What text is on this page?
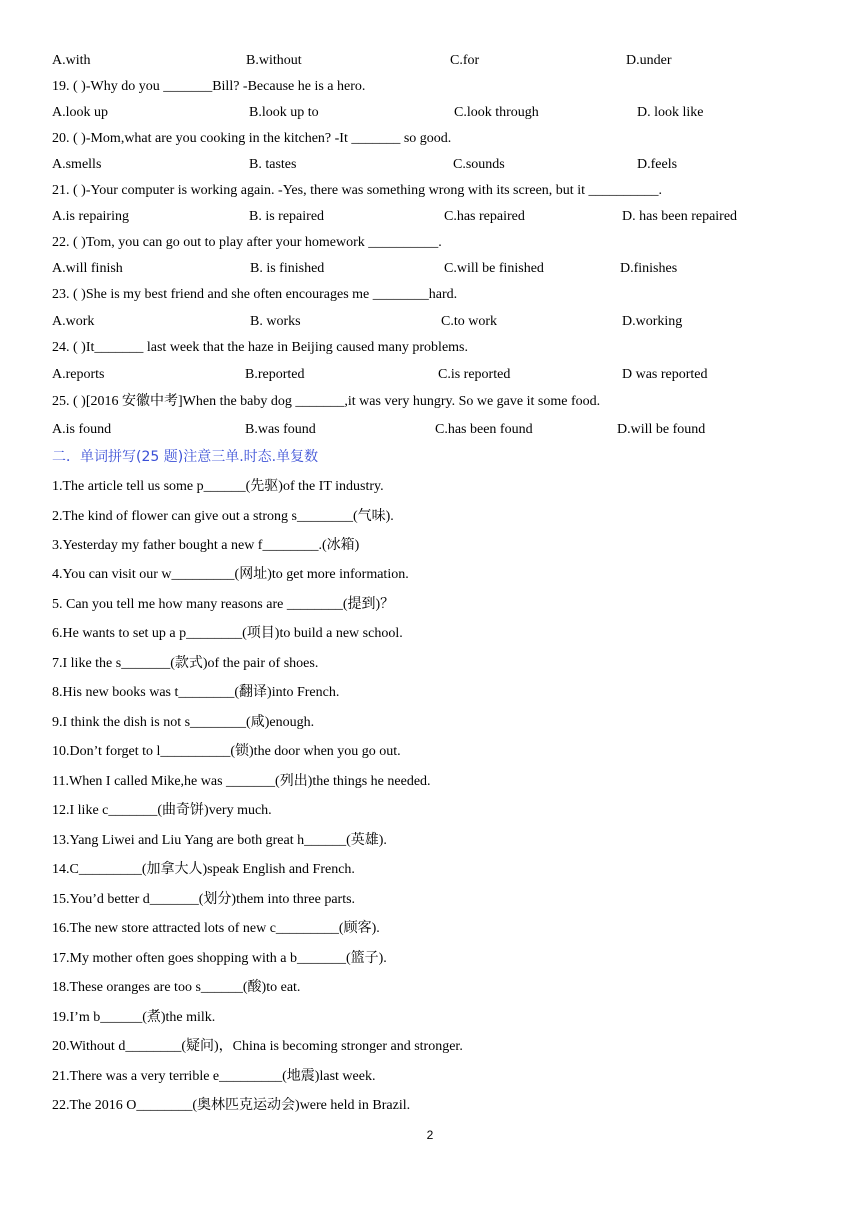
A.with	B.without	C.for	D.under
19. ( )-Why do you _______Bill? -Because he is a hero.
A.look up	B.look up to	C.look through	D. look like
20. ( )-Mom,what are you cooking in the kitchen? -It _______ so good.
A.smells	B. tastes	C.sounds	D.feels
21. ( )-Your computer is working again. -Yes, there was something wrong with its screen, but it __________.
A.is repairing	B. is repaired	C.has repaired	D. has been repaired
22. ( )Tom, you can go out to play after your homework __________.
A.will finish	B. is finished	C.will be finished	D.finishes
23. ( )She is my best friend and she often encourages me ________hard.
A.work	B. works	C.to work	D.working
24. ( )It_______ last week that the haze in Beijing caused many problems.
A.reports	B.reported	C.is reported	D was reported
25. ( )[2016 安徽中考]When the baby dog _______,it was very hungry. So we gave it some food.
A.is found	B.was found	C.has been found	D.will be found
二．单词拼写(25 题)注意三单.时态.单复数
1.The article tell us some p______(先驱)of the IT industry.
2.The kind of flower can give out a strong s________(气味).
3.Yesterday my father bought a new f________.(冰箱)
4.You can visit our w_________(网址)to get more information.
5. Can you tell me how many reasons are ________(提到)？
6.He wants to set up a p________(项目)to build a new school.
7.I like the s_______(款式)of the pair of shoes.
8.His new books was t________(翻译)into French.
9.I think the dish is not s________(咸)enough.
10.Don’t forget to l__________(锁)the door when you go out.
11.When I called Mike,he was _______(列出)the things he needed.
12.I like c_______(曲奇饼)very much.
13.Yang Liwei and Liu Yang are both great h______(英雄).
14.C_________(加拿大人)speak English and French.
15.You’d better d_______(划分)them into three parts.
16.The new store attracted lots of new c_________(顾客).
17.My mother often goes shopping with a b_______(篮子).
18.These oranges are too s______(酸)to eat.
19.I’m b______(煮)the milk.
20.Without d________(疑问)，China is becoming stronger and stronger.
21.There was a very terrible e_________(地震)last week.
22.The 2016 O________(奥林匹克运动会)were held in Brazil.
2
